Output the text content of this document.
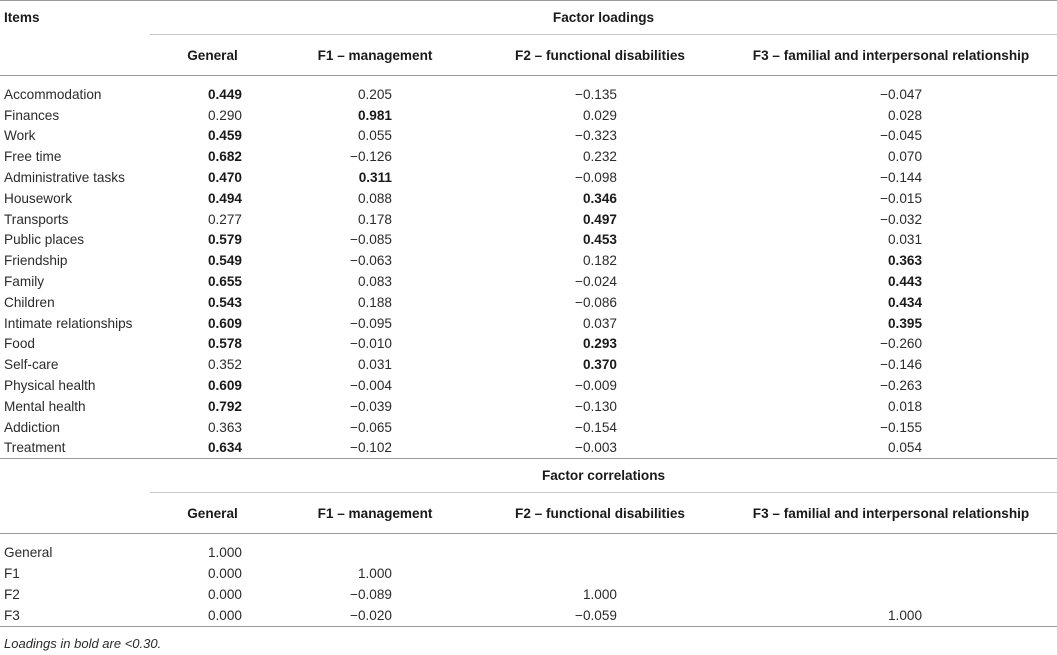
Items	Factor loadings			
	General	F1 – management	F2 – functional disabilities	F3 – familial and interpersonal relationship

Accommodation	0.449	0.205	−0.135	−0.047
Finances	0.290	0.981	0.029	0.028
Work	0.459	0.055	−0.323	−0.045
Free time	0.682	−0.126	0.232	0.070
Administrative tasks	0.470	0.311	−0.098	−0.144
Housework	0.494	0.088	0.346	−0.015
Transports	0.277	0.178	0.497	−0.032
Public places	0.579	−0.085	0.453	0.031
Friendship	0.549	−0.063	0.182	0.363
Family	0.655	0.083	−0.024	0.443
Children	0.543	0.188	−0.086	0.434
Intimate relationships	0.609	−0.095	0.037	0.395
Food	0.578	−0.010	0.293	−0.260
Self-care	0.352	0.031	0.370	−0.146
Physical health	0.609	−0.004	−0.009	−0.263
Mental health	0.792	−0.039	−0.130	0.018
Addiction	0.363	−0.065	−0.154	−0.155
Treatment	0.634	−0.102	−0.003	0.054
	Factor correlations			
	General	F1 – management	F2 – functional disabilities	F3 – familial and interpersonal relationship

General	1.000			
F1	0.000	1.000		
F2	0.000	−0.089	1.000	
F3	0.000	−0.020	−0.059	1.000
Loadings in bold are <0.30.
